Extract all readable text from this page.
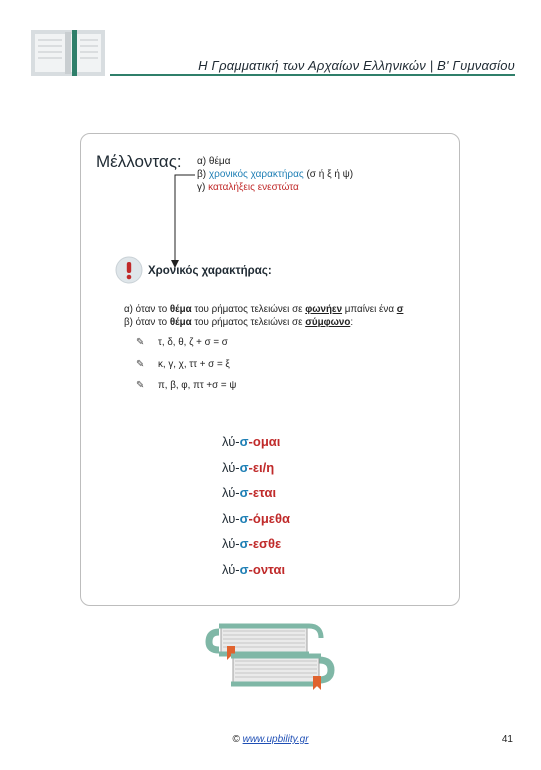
Η Γραμματική των Αρχαίων Ελληνικών | Β' Γυμνασίου
Μέλλοντας: α) θέμα
β) χρονικός χαρακτήρας (σ ή ξ ή ψ)
γ) καταλήξεις ενεστώτα
Χρονικός χαρακτήρας:
α) όταν το θέμα του ρήματος τελειώνει σε φωνήεν μπαίνει ένα σ
β) όταν το θέμα του ρήματος τελειώνει σε σύμφωνο:
✎ τ, δ, θ, ζ + σ = σ
✎ κ, γ, χ, ττ + σ = ξ
✎ π, β, φ, πτ +σ = ψ
λύ-σ-ομαι
λύ-σ-ει/η
λύ-σ-εται
λυ-σ-όμεθα
λύ-σ-εσθε
λύ-σ-ονται
© www.upbility.gr	41
